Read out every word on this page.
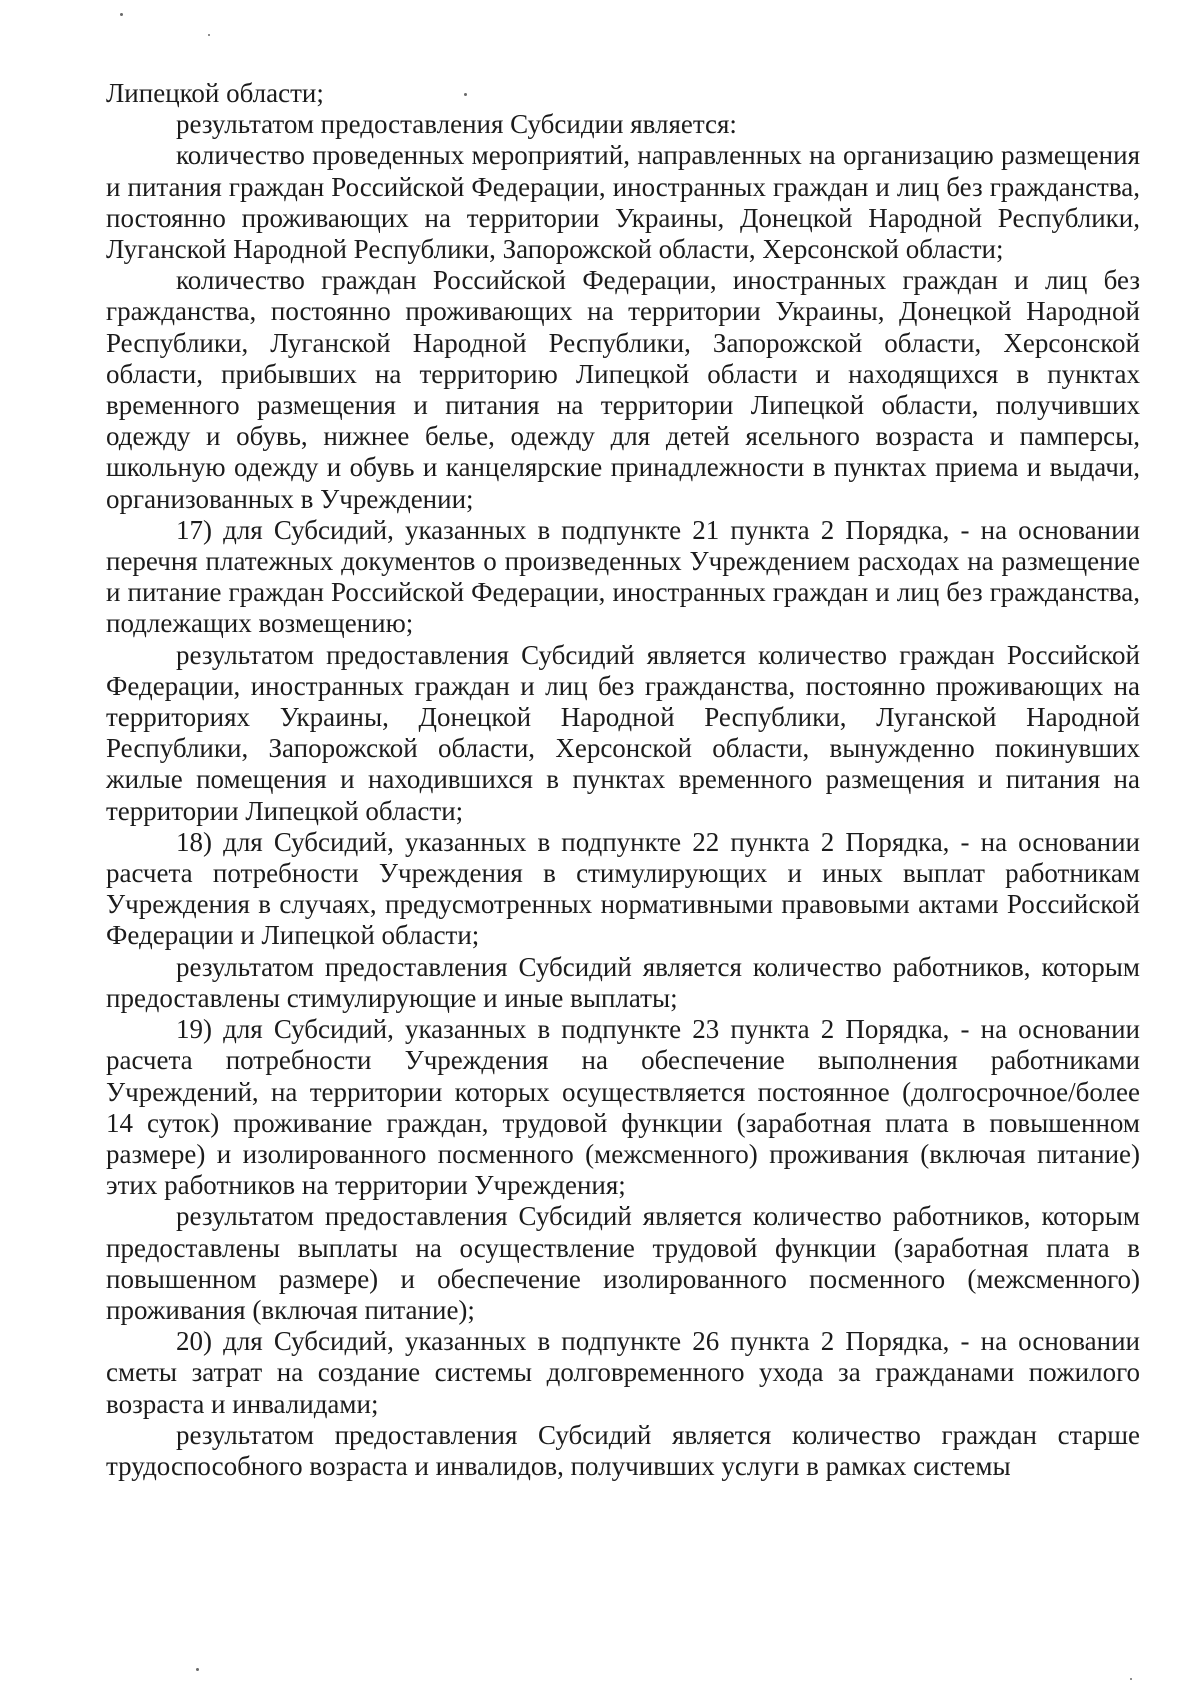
Липецкой области;

результатом предоставления Субсидии является:

количество проведенных мероприятий, направленных на организацию размещения и питания граждан Российской Федерации, иностранных граждан и лиц без гражданства, постоянно проживающих на территории Украины, Донецкой Народной Республики, Луганской Народной Республики, Запорожской области, Херсонской области;

количество граждан Российской Федерации, иностранных граждан и лиц без гражданства, постоянно проживающих на территории Украины, Донецкой Народной Республики, Луганской Народной Республики, Запорожской области, Херсонской области, прибывших на территорию Липецкой области и находящихся в пунктах временного размещения и питания на территории Липецкой области, получивших одежду и обувь, нижнее белье, одежду для детей ясельного возраста и памперсы, школьную одежду и обувь и канцелярские принадлежности в пунктах приема и выдачи, организованных в Учреждении;

17) для Субсидий, указанных в подпункте 21 пункта 2 Порядка, - на основании перечня платежных документов о произведенных Учреждением расходах на размещение и питание граждан Российской Федерации, иностранных граждан и лиц без гражданства, подлежащих возмещению;

результатом предоставления Субсидий является количество граждан Российской Федерации, иностранных граждан и лиц без гражданства, постоянно проживающих на территориях Украины, Донецкой Народной Республики, Луганской Народной Республики, Запорожской области, Херсонской области, вынужденно покинувших жилые помещения и находившихся в пунктах временного размещения и питания на территории Липецкой области;

18) для Субсидий, указанных в подпункте 22 пункта 2 Порядка, - на основании расчета потребности Учреждения в стимулирующих и иных выплат работникам Учреждения в случаях, предусмотренных нормативными правовыми актами Российской Федерации и Липецкой области;

результатом предоставления Субсидий является количество работников, которым предоставлены стимулирующие и иные выплаты;

19) для Субсидий, указанных в подпункте 23 пункта 2 Порядка, - на основании расчета потребности Учреждения на обеспечение выполнения работниками Учреждений, на территории которых осуществляется постоянное (долгосрочное/более 14 суток) проживание граждан, трудовой функции (заработная плата в повышенном размере) и изолированного посменного (межсменного) проживания (включая питание) этих работников на территории Учреждения;

результатом предоставления Субсидий является количество работников, которым предоставлены выплаты на осуществление трудовой функции (заработная плата в повышенном размере) и обеспечение изолированного посменного (межсменного) проживания (включая питание);

20) для Субсидий, указанных в подпункте 26 пункта 2 Порядка, - на основании сметы затрат на создание системы долговременного ухода за гражданами пожилого возраста и инвалидами;

результатом предоставления Субсидий является количество граждан старше трудоспособного возраста и инвалидов, получивших услуги в рамках системы
